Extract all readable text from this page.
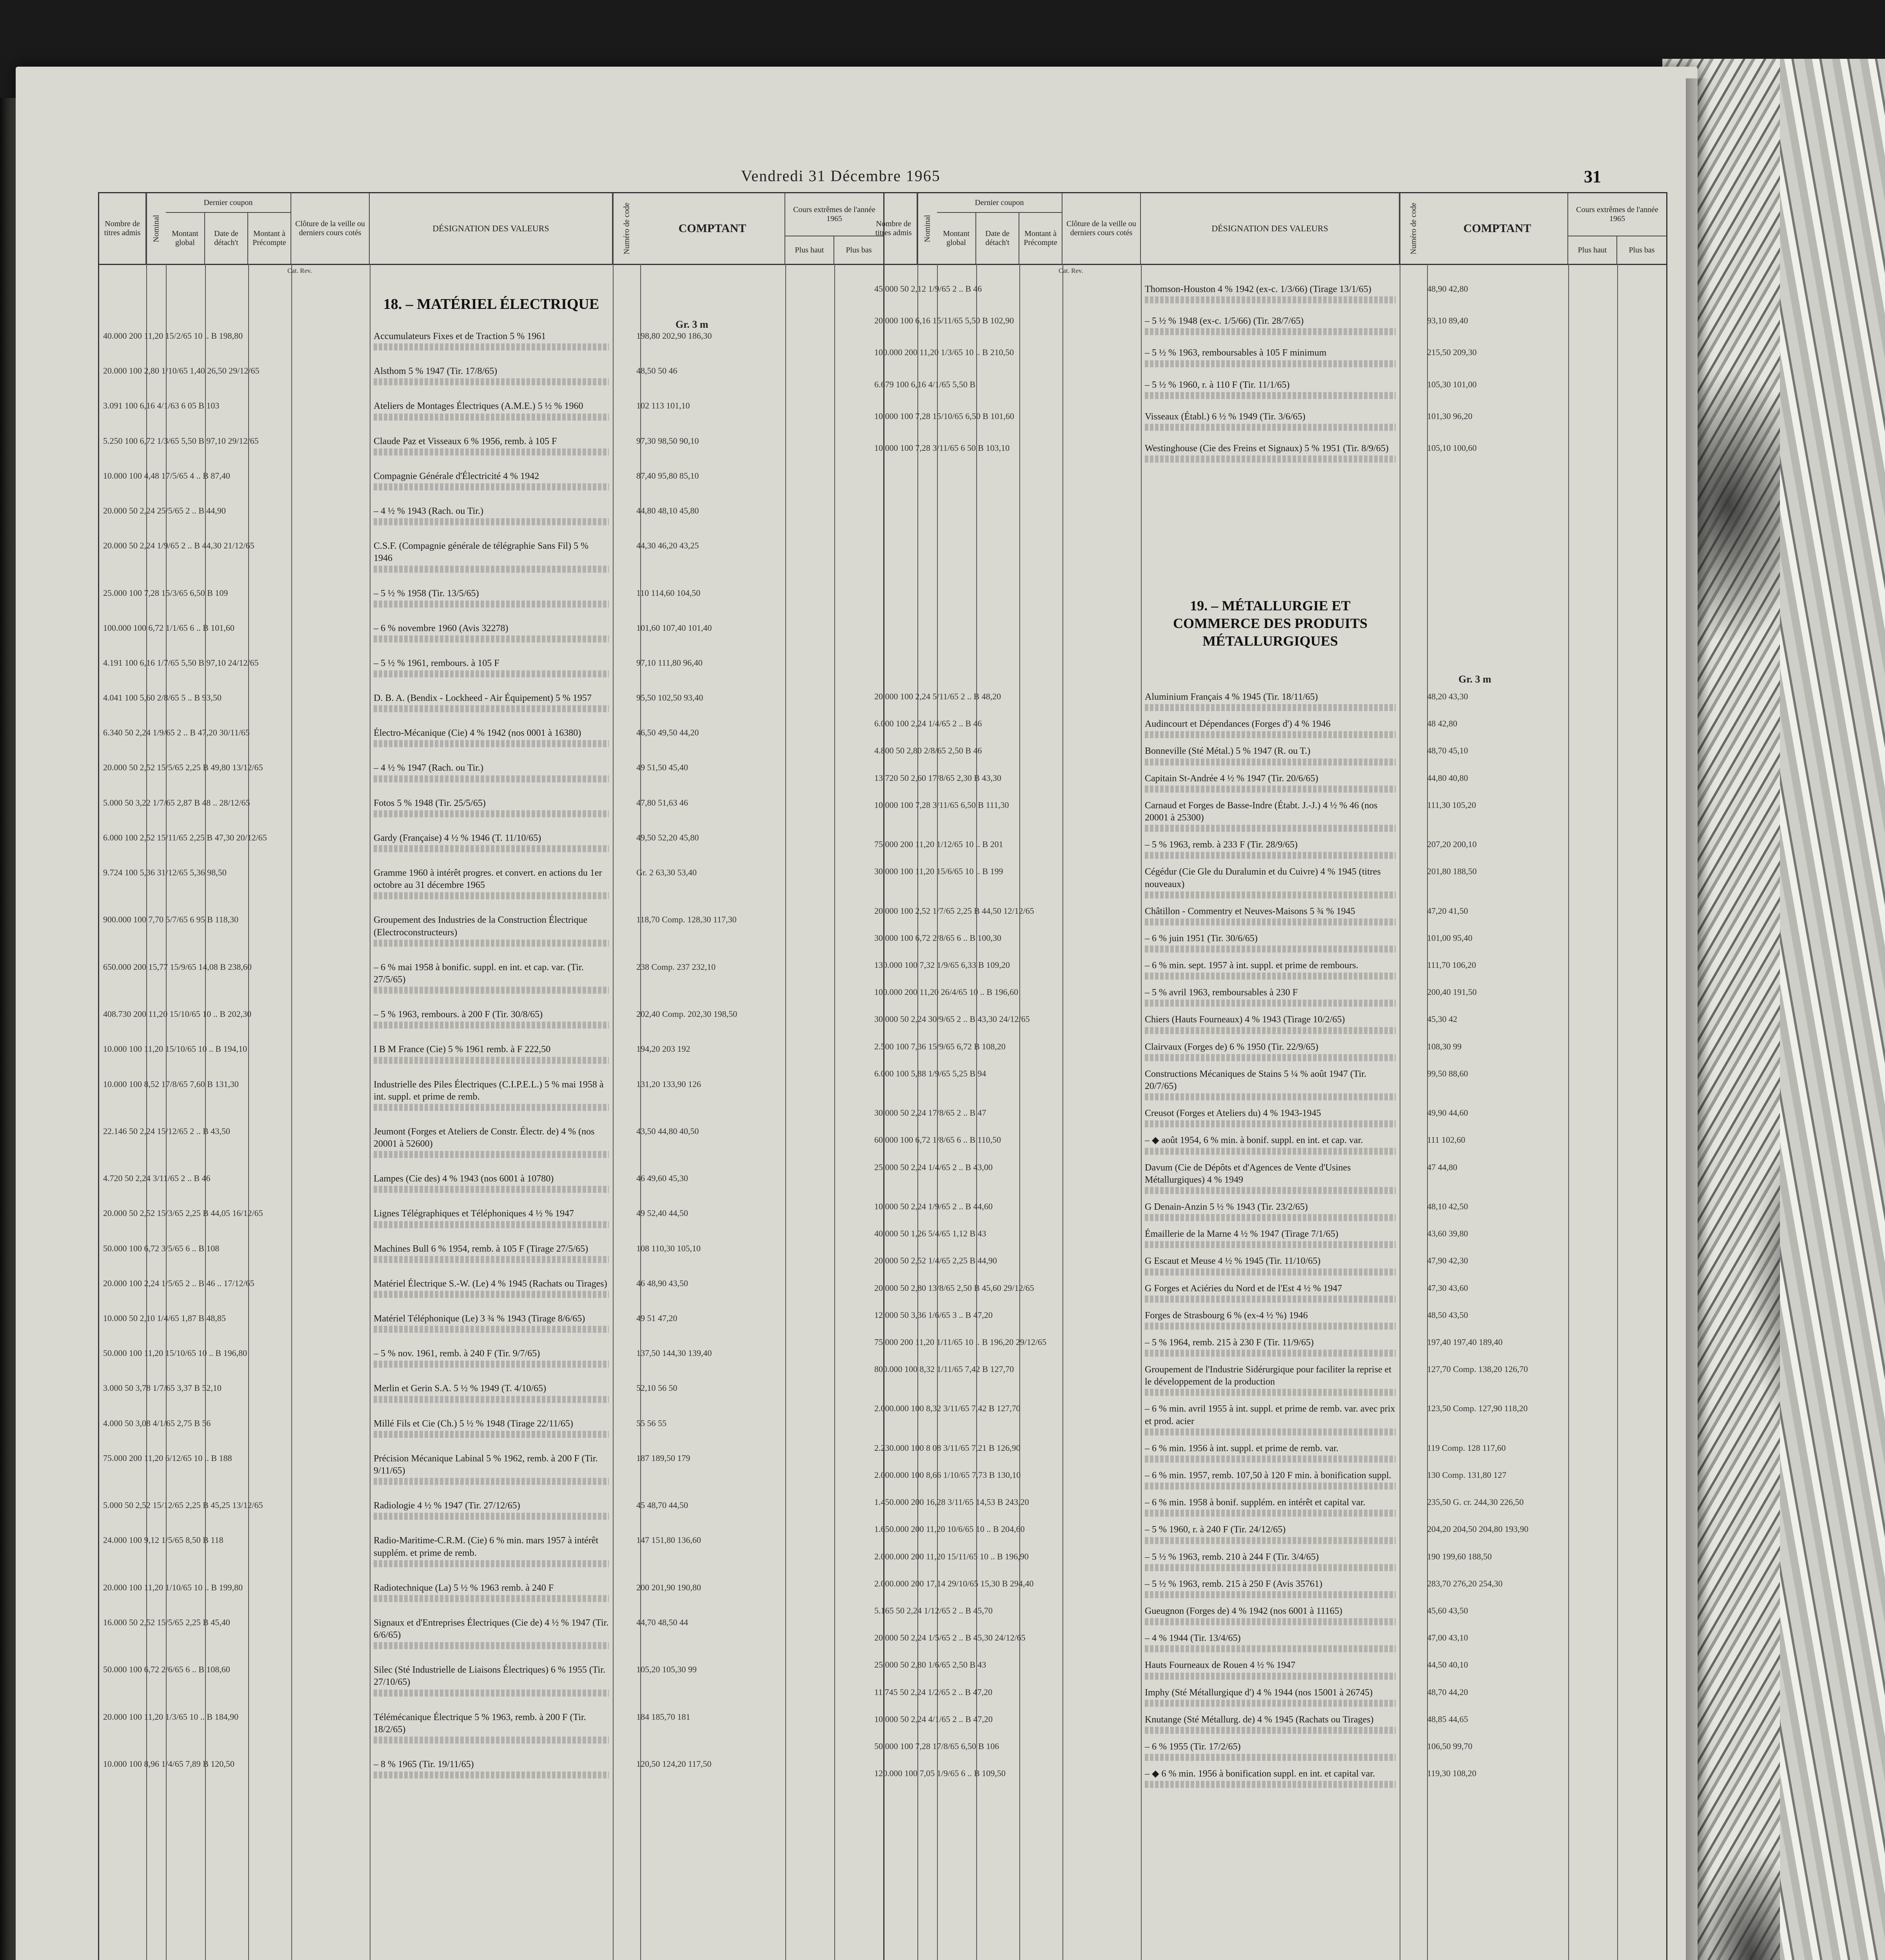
Vendredi 31 Décembre 1965	31
Nombre de titres admis	Nominal
Dernier coupon
Montant global
Date de détach't
Montant à Précompte
Clôture de la veille ou derniers cours cotés	DÉSIGNATION DES VALEURS	Numéro de code	COMPTANT
Cours extrêmes de l'année 1965
Plus haut	Plus bas
Cat. Rev.
18. – MATÉRIEL ÉLECTRIQUE
Gr. 3 m
40.000 200 11,20 15/2/65 10 .. B 198,80	Accumulateurs Fixes et de Traction 5 % 1961	198,80 202,90 186,30
20.000 100 2,80 1/10/65 1,40 26,50 29/12/65	Alsthom 5 % 1947 (Tir. 17/8/65)	48,50 50 46
3.091 100 6,16 4/1/63 6 05 B 103	Ateliers de Montages Électriques (A.M.E.) 5 ½ % 1960	102 113 101,10
5.250 100 6,72 1/3/65 5,50 B 97,10 29/12/65	Claude Paz et Visseaux 6 % 1956, remb. à 105 F	97,30 98,50 90,10
10.000 100 4,48 17/5/65 4 .. B 87,40	Compagnie Générale d'Électricité 4 % 1942	87,40 95,80 85,10
20.000 50 2,24 25/5/65 2 .. B 44,90	– 4 ½ % 1943 (Rach. ou Tir.)	44,80 48,10 45,80
20.000 50 2,24 1/9/65 2 .. B 44,30 21/12/65	C.S.F. (Compagnie générale de télégraphie Sans Fil) 5 % 1946
44,30 46,20 43,25
25.000 100 7,28 15/3/65 6,50 B 109	– 5 ½ % 1958 (Tir. 13/5/65)	110 114,60 104,50
100.000 100 6,72 1/1/65 6 .. B 101,60	– 6 % novembre 1960 (Avis 32278)	101,60 107,40 101,40
4.191 100 6,16 1/7/65 5,50 B 97,10 24/12/65	– 5 ½ % 1961, rembours. à 105 F	97,10 111,80 96,40
4.041 100 5,60 2/8/65 5 .. B 93,50	D. B. A. (Bendix - Lockheed - Air Équipement) 5 % 1957	95,50 102,50 93,40
6.340 50 2,24 1/9/65 2 .. B 47,20 30/11/65	Électro-Mécanique (Cie) 4 % 1942 (nos 0001 à 16380)	46,50 49,50 44,20
20.000 50 2,52 15/5/65 2,25 B 49,80 13/12/65	– 4 ½ % 1947 (Rach. ou Tir.)	49 51,50 45,40
5.000 50 3,22 1/7/65 2,87 B 48 .. 28/12/65	Fotos 5 % 1948 (Tir. 25/5/65)	47,80 51,63 46
6.000 100 2,52 15/11/65 2,25 B 47,30 20/12/65	Gardy (Française) 4 ½ % 1946 (T. 11/10/65)	49,50 52,20 45,80
9.724 100 5,36 31/12/65 5,36 98,50	Gramme 1960 à intérêt progres. et convert. en actions du 1er octobre au 31 décembre 1965
Gr. 2 63,30 53,40
900.000 100 7,70 5/7/65 6 95 B 118,30	Groupement des Industries de la Construction Électrique (Electroconstructeurs)
118,70 Comp. 128,30 117,30
650.000 200 15,77 15/9/65 14,08 B 238,60	– 6 % mai 1958 à bonific. suppl. en int. et cap. var. (Tir. 27/5/65)
238 Comp. 237 232,10
408.730 200 11,20 15/10/65 10 .. B 202,30	– 5 % 1963, rembours. à 200 F (Tir. 30/8/65)	202,40 Comp. 202,30 198,50
10.000 100 11,20 15/10/65 10 .. B 194,10	I B M France (Cie) 5 % 1961 remb. à F 222,50	194,20 203 192
10.000 100 8,52 17/8/65 7,60 B 131,30	Industrielle des Piles Électriques (C.I.P.E.L.) 5 % mai 1958 à int. suppl. et prime de remb.
131,20 133,90 126
22.146 50 2,24 15/12/65 2 .. B 43,50	Jeumont (Forges et Ateliers de Constr. Électr. de) 4 % (nos 20001 à 52600)
43,50 44,80 40,50
4.720 50 2,24 3/11/65 2 .. B 46	Lampes (Cie des) 4 % 1943 (nos 6001 à 10780)	46 49,60 45,30
20.000 50 2,52 15/3/65 2,25 B 44,05 16/12/65	Lignes Télégraphiques et Téléphoniques 4 ½ % 1947	49 52,40 44,50
50.000 100 6,72 3/5/65 6 .. B 108	Machines Bull 6 % 1954, remb. à 105 F (Tirage 27/5/65)	108 110,30 105,10
20.000 100 2,24 1/5/65 2 .. B 46 .. 17/12/65	Matériel Électrique S.-W. (Le) 4 % 1945 (Rachats ou Tirages)	46 48,90 43,50
10.000 50 2,10 1/4/65 1,87 B 48,85	Matériel Téléphonique (Le) 3 ¾ % 1943 (Tirage 8/6/65)	49 51 47,20
50.000 100 11,20 15/10/65 10 .. B 196,80	– 5 % nov. 1961, remb. à 240 F (Tir. 9/7/65)	137,50 144,30 139,40
3.000 50 3,78 1/7/65 3,37 B 52,10	Merlin et Gerin S.A. 5 ½ % 1949 (T. 4/10/65)	52,10 56 50
4.000 50 3,08 4/1/65 2,75 B 56	Millé Fils et Cie (Ch.) 5 ½ % 1948 (Tirage 22/11/65)	55 56 55
75.000 200 11,20 6/12/65 10 .. B 188	Précision Mécanique Labinal 5 % 1962, remb. à 200 F (Tir. 9/11/65)
187 189,50 179
5.000 50 2,52 15/12/65 2,25 B 45,25 13/12/65	Radiologie 4 ½ % 1947 (Tir. 27/12/65)	45 48,70 44,50
24.000 100 9,12 1/5/65 8,50 B 118	Radio-Maritime-C.R.M. (Cie) 6 % min. mars 1957 à intérêt supplém. et prime de remb.
147 151,80 136,60
20.000 100 11,20 1/10/65 10 .. B 199,80	Radiotechnique (La) 5 ½ % 1963 remb. à 240 F	200 201,90 190,80
16.000 50 2,52 15/5/65 2,25 B 45,40	Signaux et d'Entreprises Électriques (Cie de) 4 ½ % 1947 (Tir. 6/6/65)
44,70 48,50 44
50.000 100 6,72 2/6/65 6 .. B 108,60	Silec (Sté Industrielle de Liaisons Électriques) 6 % 1955 (Tir. 27/10/65)
105,20 105,30 99
20.000 100 11,20 1/3/65 10 .. B 184,90	Télémécanique Électrique 5 % 1963, remb. à 200 F (Tir. 18/2/65)
184 185,70 181
10.000 100 8,96 1/4/65 7,89 B 120,50	– 8 % 1965 (Tir. 19/11/65)	120,50 124,20 117,50
Nombre de titres admis	Nominal
Dernier coupon
Montant global
Date de détach't
Montant à Précompte
Clôture de la veille ou derniers cours cotés	DÉSIGNATION DES VALEURS	Numéro de code	COMPTANT
Cours extrêmes de l'année 1965
Plus haut	Plus bas
Cat. Rev.
45.000 50 2,12 1/9/65 2 .. B 46	Thomson-Houston 4 % 1942 (ex-c. 1/3/66) (Tirage 13/1/65)	48,90 42,80
20.000 100 6,16 15/11/65 5,50 B 102,90	– 5 ½ % 1948 (ex-c. 1/5/66) (Tir. 28/7/65)	93,10 89,40
100.000 200 11,20 1/3/65 10 .. B 210,50	– 5 ½ % 1963, remboursables à 105 F minimum	215,50 209,30
6.679 100 6,16 4/1/65 5,50 B	– 5 ½ % 1960, r. à 110 F (Tir. 11/1/65)	105,30 101,00
10.000 100 7,28 15/10/65 6,50 B 101,60	Visseaux (Établ.) 6 ½ % 1949 (Tir. 3/6/65)	101,30 96,20
10.000 100 7,28 3/11/65 6 50 B 103,10	Westinghouse (Cie des Freins et Signaux) 5 % 1951 (Tir. 8/9/65)	105,10 100,60
19. – MÉTALLURGIE ET
COMMERCE DES PRODUITS
MÉTALLURGIQUES
Gr. 3 m
20.000 100 2,24 5/11/65 2 .. B 48,20	Aluminium Français 4 % 1945 (Tir. 18/11/65)	48,20 43,30
6.000 100 2,24 1/4/65 2 .. B 46	Audincourt et Dépendances (Forges d') 4 % 1946	48 42,80
4.800 50 2,80 2/8/65 2,50 B 46	Bonneville (Sté Métal.) 5 % 1947 (R. ou T.)	48,70 45,10
13.720 50 2,60 17/8/65 2,30 B 43,30	Capitain St-Andrée 4 ½ % 1947 (Tir. 20/6/65)	44,80 40,80
10.000 100 7,28 3/11/65 6,50 B 111,30	Carnaud et Forges de Basse-Indre (Étabt. J.-J.) 4 ½ % 46 (nos 20001 à 25300)
111,30 105,20
75.000 200 11,20 1/12/65 10 .. B 201	– 5 % 1963, remb. à 233 F (Tir. 28/9/65)	207,20 200,10
30.000 100 11,20 15/6/65 10 .. B 199	Cégédur (Cie Gle du Duralumin et du Cuivre) 4 % 1945 (titres nouveaux)
201,80 188,50
20.000 100 2,52 1/7/65 2,25 B 44,50 12/12/65	Châtillon - Commentry et Neuves-Maisons 5 ¾ % 1945	47,20 41,50
30.000 100 6,72 2/8/65 6 .. B 100,30	– 6 % juin 1951 (Tir. 30/6/65)	101,00 95,40
130.000 100 7,32 1/9/65 6,33 B 109,20	– 6 % min. sept. 1957 à int. suppl. et prime de rembours.	111,70 106,20
100.000 200 11,20 26/4/65 10 .. B 196,60	– 5 % avril 1963, remboursables à 230 F	200,40 191,50
30.000 50 2,24 30/9/65 2 .. B 43,30 24/12/65	Chiers (Hauts Fourneaux) 4 % 1943 (Tirage 10/2/65)	45,30 42
2.500 100 7,36 15/9/65 6,72 B 108,20	Clairvaux (Forges de) 6 % 1950 (Tir. 22/9/65)	108,30 99
6.000 100 5,88 1/9/65 5,25 B 94	Constructions Mécaniques de Stains 5 ¼ % août 1947 (Tir. 20/7/65)
99,50 88,60
30.000 50 2,24 17/8/65 2 .. B 47	Creusot (Forges et Ateliers du) 4 % 1943-1945	49,90 44,60
60.000 100 6,72 1/8/65 6 .. B 110,50	– ◆ août 1954, 6 % min. à bonif. suppl. en int. et cap. var.	111 102,60
25.000 50 2,24 1/4/65 2 .. B 43,00	Davum (Cie de Dépôts et d'Agences de Vente d'Usines Métallurgiques) 4 % 1949
47 44,80
10.000 50 2,24 1/9/65 2 .. B 44,60	G Denain-Anzin 5 ½ % 1943 (Tir. 23/2/65)	48,10 42,50
40.000 50 1,26 5/4/65 1,12 B 43	Émaillerie de la Marne 4 ½ % 1947 (Tirage 7/1/65)	43,60 39,80
20.000 50 2,52 1/4/65 2,25 B 44,90	G Escaut et Meuse 4 ½ % 1945 (Tir. 11/10/65)	47,90 42,30
20.000 50 2,80 13/8/65 2,50 B 45,60 29/12/65	G Forges et Aciéries du Nord et de l'Est 4 ½ % 1947	47,30 43,60
12.000 50 3,36 1/6/65 3 .. B 47,20	Forges de Strasbourg 6 % (ex-4 ½ %) 1946	48,50 43,50
75.000 200 11,20 1/11/65 10 .. B 196,20 29/12/65	– 5 % 1964, remb. 215 à 230 F (Tir. 11/9/65)	197,40 197,40 189,40
800.000 100 8,32 1/11/65 7,42 B 127,70	Groupement de l'Industrie Sidérurgique pour faciliter la reprise et le développement de la production
127,70 Comp. 138,20 126,70
2.000.000 100 8,32 3/11/65 7,42 B 127,70	– 6 % min. avril 1955 à int. suppl. et prime de remb. var. avec prix et prod. acier
123,50 Comp. 127,90 118,20
2.230.000 100 8 08 3/11/65 7,21 B 126,90	– 6 % min. 1956 à int. suppl. et prime de remb. var.	119 Comp. 128 117,60
2.000.000 100 8,66 1/10/65 7,73 B 130,10	– 6 % min. 1957, remb. 107,50 à 120 F min. à bonification suppl.	130 Comp. 131,80 127
1.450.000 200 16,28 3/11/65 14,53 B 243,20	– 6 % min. 1958 à bonif. supplém. en intérêt et capital var.	235,50 G. cr. 244,30 226,50
1.650.000 200 11,20 10/6/65 10 .. B 204,60	– 5 % 1960, r. à 240 F (Tir. 24/12/65)	204,20 204,50 204,80 193,90
2.000.000 200 11,20 15/11/65 10 .. B 196,90	– 5 ½ % 1963, remb. 210 à 244 F (Tir. 3/4/65)	190 199,60 188,50
2.000.000 200 17,14 29/10/65 15,30 B 294,40	– 5 ½ % 1963, remb. 215 à 250 F (Avis 35761)	283,70 276,20 254,30
5.165 50 2,24 1/12/65 2 .. B 45,70	Gueugnon (Forges de) 4 % 1942 (nos 6001 à 11165)	45,60 43,50
20.000 50 2,24 1/5/65 2 .. B 45,30 24/12/65	– 4 % 1944 (Tir. 13/4/65)	47,00 43,10
25.000 50 2,80 1/6/65 2,50 B 43	Hauts Fourneaux de Rouen 4 ½ % 1947	44,50 40,10
11.745 50 2,24 1/2/65 2 .. B 47,20	Imphy (Sté Métallurgique d') 4 % 1944 (nos 15001 à 26745)	48,70 44,20
10.000 50 2,24 4/1/65 2 .. B 47,20	Knutange (Sté Métallurg. de) 4 % 1945 (Rachats ou Tirages)	48,85 44,65
50.000 100 7,28 17/8/65 6,50 B 106	– 6 % 1955 (Tir. 17/2/65)	106,50 99,70
120.000 100 7,05 1/9/65 6 .. B 109,50	– ◆ 6 % min. 1956 à bonification suppl. en int. et capital var.	119,30 108,20
